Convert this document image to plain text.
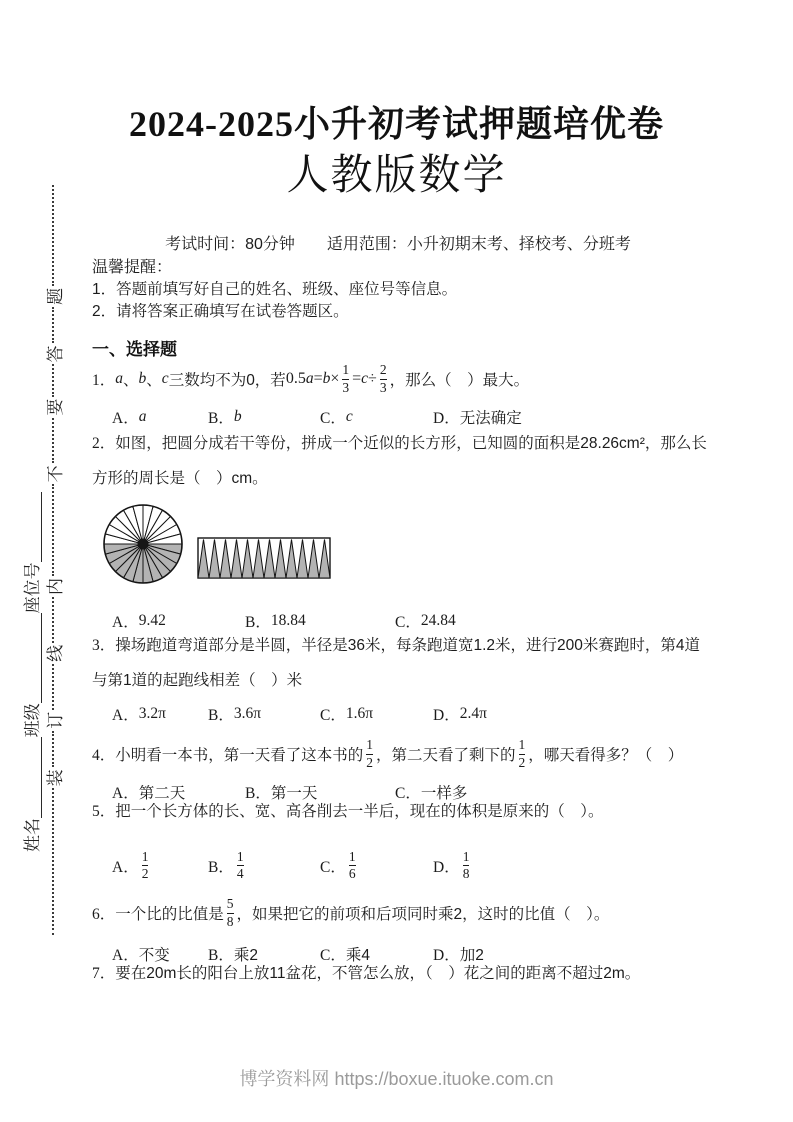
装
订
线
内
不
要
答
题
姓名
班级
座位号
2024-2025小升初考试押题培优卷
人教版数学
考试时间：80分钟　　适用范围：小升初期末考、择校考、分班考
温馨提醒：
1．答题前填写好自己的姓名、班级、座位号等信息。
2．请将答案正确填写在试卷答题区。
一、选择题
1． a 、 b 、 c 三数均不为0，若 0.5 $a = b \times \frac{1}{3} = c \div \frac{2}{3}$ ，那么（　）最大。
A． a	B． b	C． c	D． 无法确定
2．如图，把圆分成若干等份，拼成一个近似的长方形，已知圆的面积是28.26cm²，那么长方形的周长是（　）cm。
A． 9.42	B． 18.84	C． 24.84
3．操场跑道弯道部分是半圆，半径是36米，每条跑道宽1.2米，进行200米赛跑时，第4道与第1道的起跑线相差（　）米
A． 3.2π	B． 3.6π	C． 1.6π	D． 2.4π
4． 小明看一本书，第一天看了这本书的 $\frac{1}{2}$ ，第二天看了剩下的 $\frac{1}{2}$ ，哪天看得多？（　）
A． 第二天	B． 第一天	C． 一样多
5．把一个长方体的长、宽、高各削去一半后，现在的体积是原来的（　）。
A． $\frac{1}{2}$	B． $\frac{1}{4}$	C． $\frac{1}{6}$	D． $\frac{1}{8}$
6． 一个比的比值是 $\frac{5}{8}$ ，如果把它的前项和后项同时乘2，这时的比值（　）。
A． 不变 B． 乘2	C． 乘4	D． 加2
7．要在20m长的阳台上放11盆花，不管怎么放，（　）花之间的距离不超过2m。
博学资料网 https://boxue.ituoke.com.cn
